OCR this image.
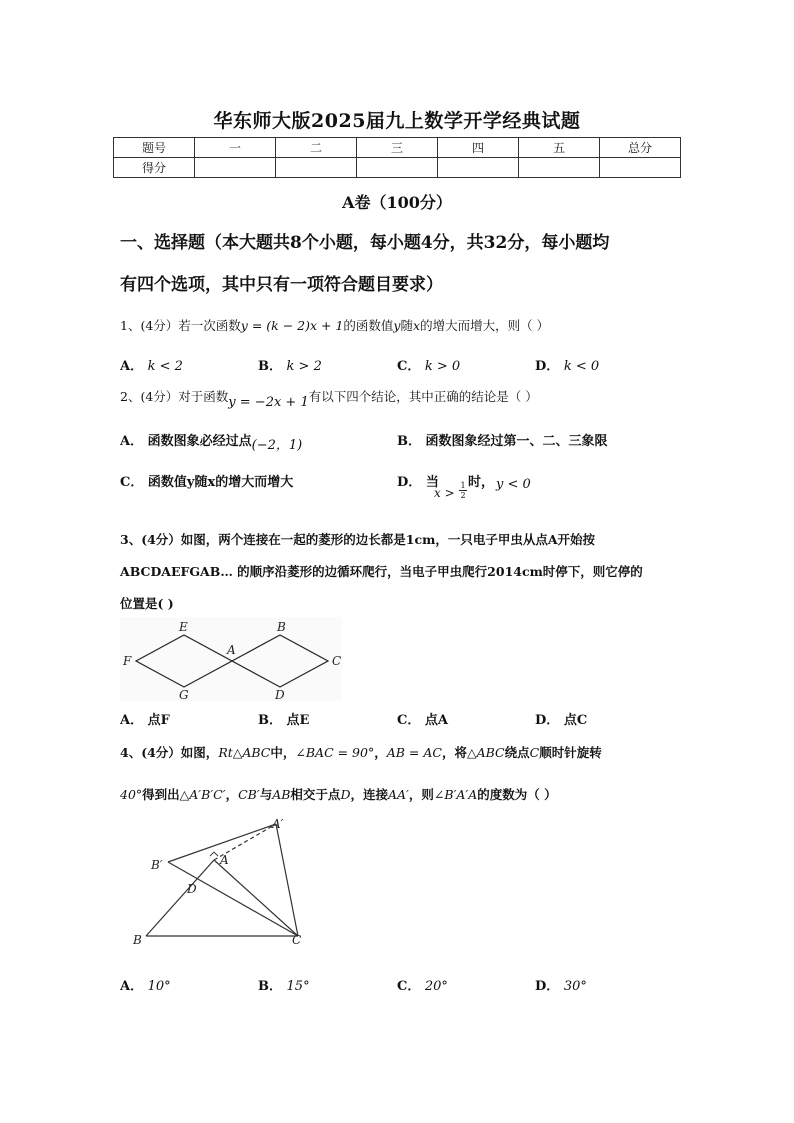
华东师大版2025届九上数学开学经典试题
题号	一	二	三	四	五	总分
得分						
A卷（100分）
一、选择题（本大题共8个小题，每小题4分，共32分，每小题均
有四个选项，其中只有一项符合题目要求）
1、(4分）若一次函数y = (k − 2)x + 1的函数值y随x的增大而增大，则（ ）
A． k < 2	B． k > 2	C． k > 0	D． k < 0
2、(4分）对于函数y = −2x + 1有以下四个结论，其中正确的结论是（ ）
A． 函数图象必经过点(−2，1)	B． 函数图象经过第一、二、三象限
C． 函数值y随x的增大而增大	D． 当
$x > \frac{1}{2}$ 时， y < 0
3、(4分）如图，两个连接在一起的菱形的边长都是1cm，一只电子甲虫从点A开始按
ABCDAEFGAB… 的顺序沿菱形的边循环爬行，当电子甲虫爬行2014cm时停下，则它停的
位置是( )
E	B
F
A
C
G	D
A． 点F	B． 点E	C． 点A	D． 点C
4、(4分）如图，Rt△ABC中，∠BAC = 90°，AB = AC，将△ABC绕点C顺时针旋转
40°得到出△A′B′C′，CB′与AB相交于点D，连接AA′，则∠B′A′A的度数为（ ）
A′
B′	A
D
B	C
A． 10°	B． 15°	C． 20°	D． 30°
